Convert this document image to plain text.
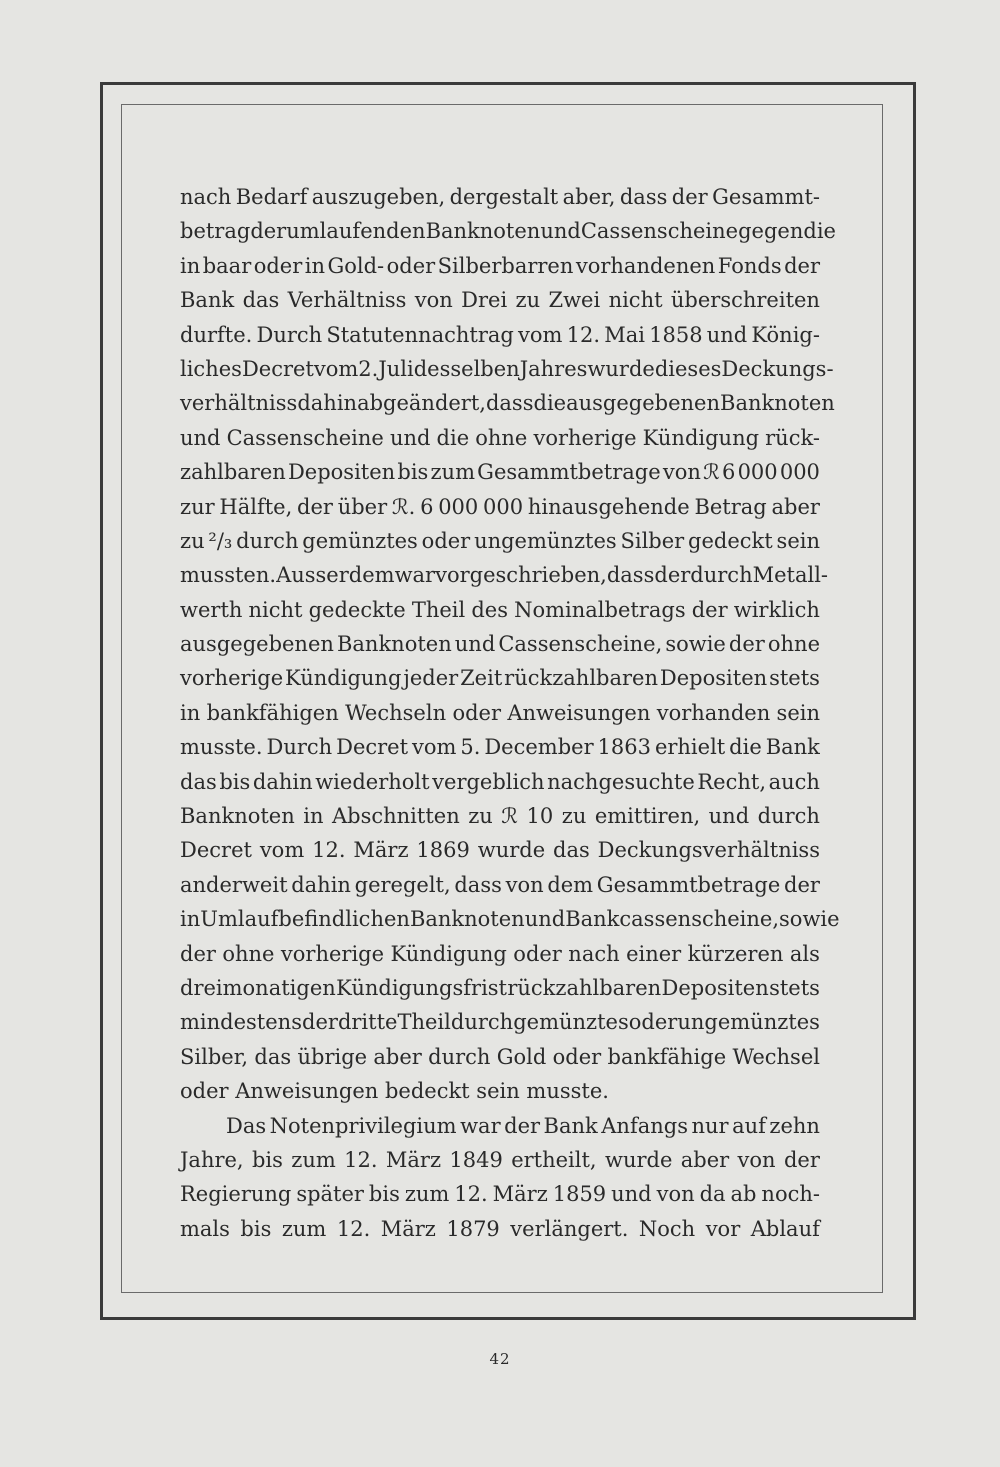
nach Bedarf auszugeben, dergestalt aber, dass der Gesammt-
betrag der umlaufenden Banknoten und Cassenscheine gegen die
in baar oder in Gold- oder Silberbarren vorhandenen Fonds der
Bank das Verhältniss von Drei zu Zwei nicht überschreiten
durfte. Durch Statutennachtrag vom 12. Mai 1858 und König-
liches Decret vom 2. Juli desselben Jahres wurde dieses Deckungs-
verhältniss dahin abgeändert, dass die ausgegebenen Banknoten
und Cassenscheine und die ohne vorherige Kündigung rück-
zahlbaren Depositen bis zum Gesammtbetrage von ℛ︀ 6 000 000
zur Hälfte, der über ℛ︀. 6 000 000 hinausgehende Betrag aber
zu ²/₃ durch gemünztes oder ungemünztes Silber gedeckt sein
mussten. Ausserdem war vorgeschrieben, dass der durch Metall-
werth nicht gedeckte Theil des Nominalbetrags der wirklich
ausgegebenen Banknoten und Cassenscheine, sowie der ohne
vorherige Kündigung jeder Zeit rückzahlbaren Depositen stets
in bankfähigen Wechseln oder Anweisungen vorhanden sein
musste. Durch Decret vom 5. December 1863 erhielt die Bank
das bis dahin wiederholt vergeblich nachgesuchte Recht, auch
Banknoten in Abschnitten zu ℛ︀ 10 zu emittiren, und durch
Decret vom 12. März 1869 wurde das Deckungsverhältniss
anderweit dahin geregelt, dass von dem Gesammtbetrage der
in Umlauf befindlichen Banknoten und Bankcassenscheine, sowie
der ohne vorherige Kündigung oder nach einer kürzeren als
dreimonatigen Kündigungsfrist rückzahlbaren Depositen stets
mindestens der dritte Theil durch gemünztes oder ungemünztes
Silber, das übrige aber durch Gold oder bankfähige Wechsel
oder Anweisungen bedeckt sein musste.
Das Notenprivilegium war der Bank Anfangs nur auf zehn
Jahre, bis zum 12. März 1849 ertheilt, wurde aber von der
Regierung später bis zum 12. März 1859 und von da ab noch-
mals bis zum 12. März 1879 verlängert. Noch vor Ablauf
42
